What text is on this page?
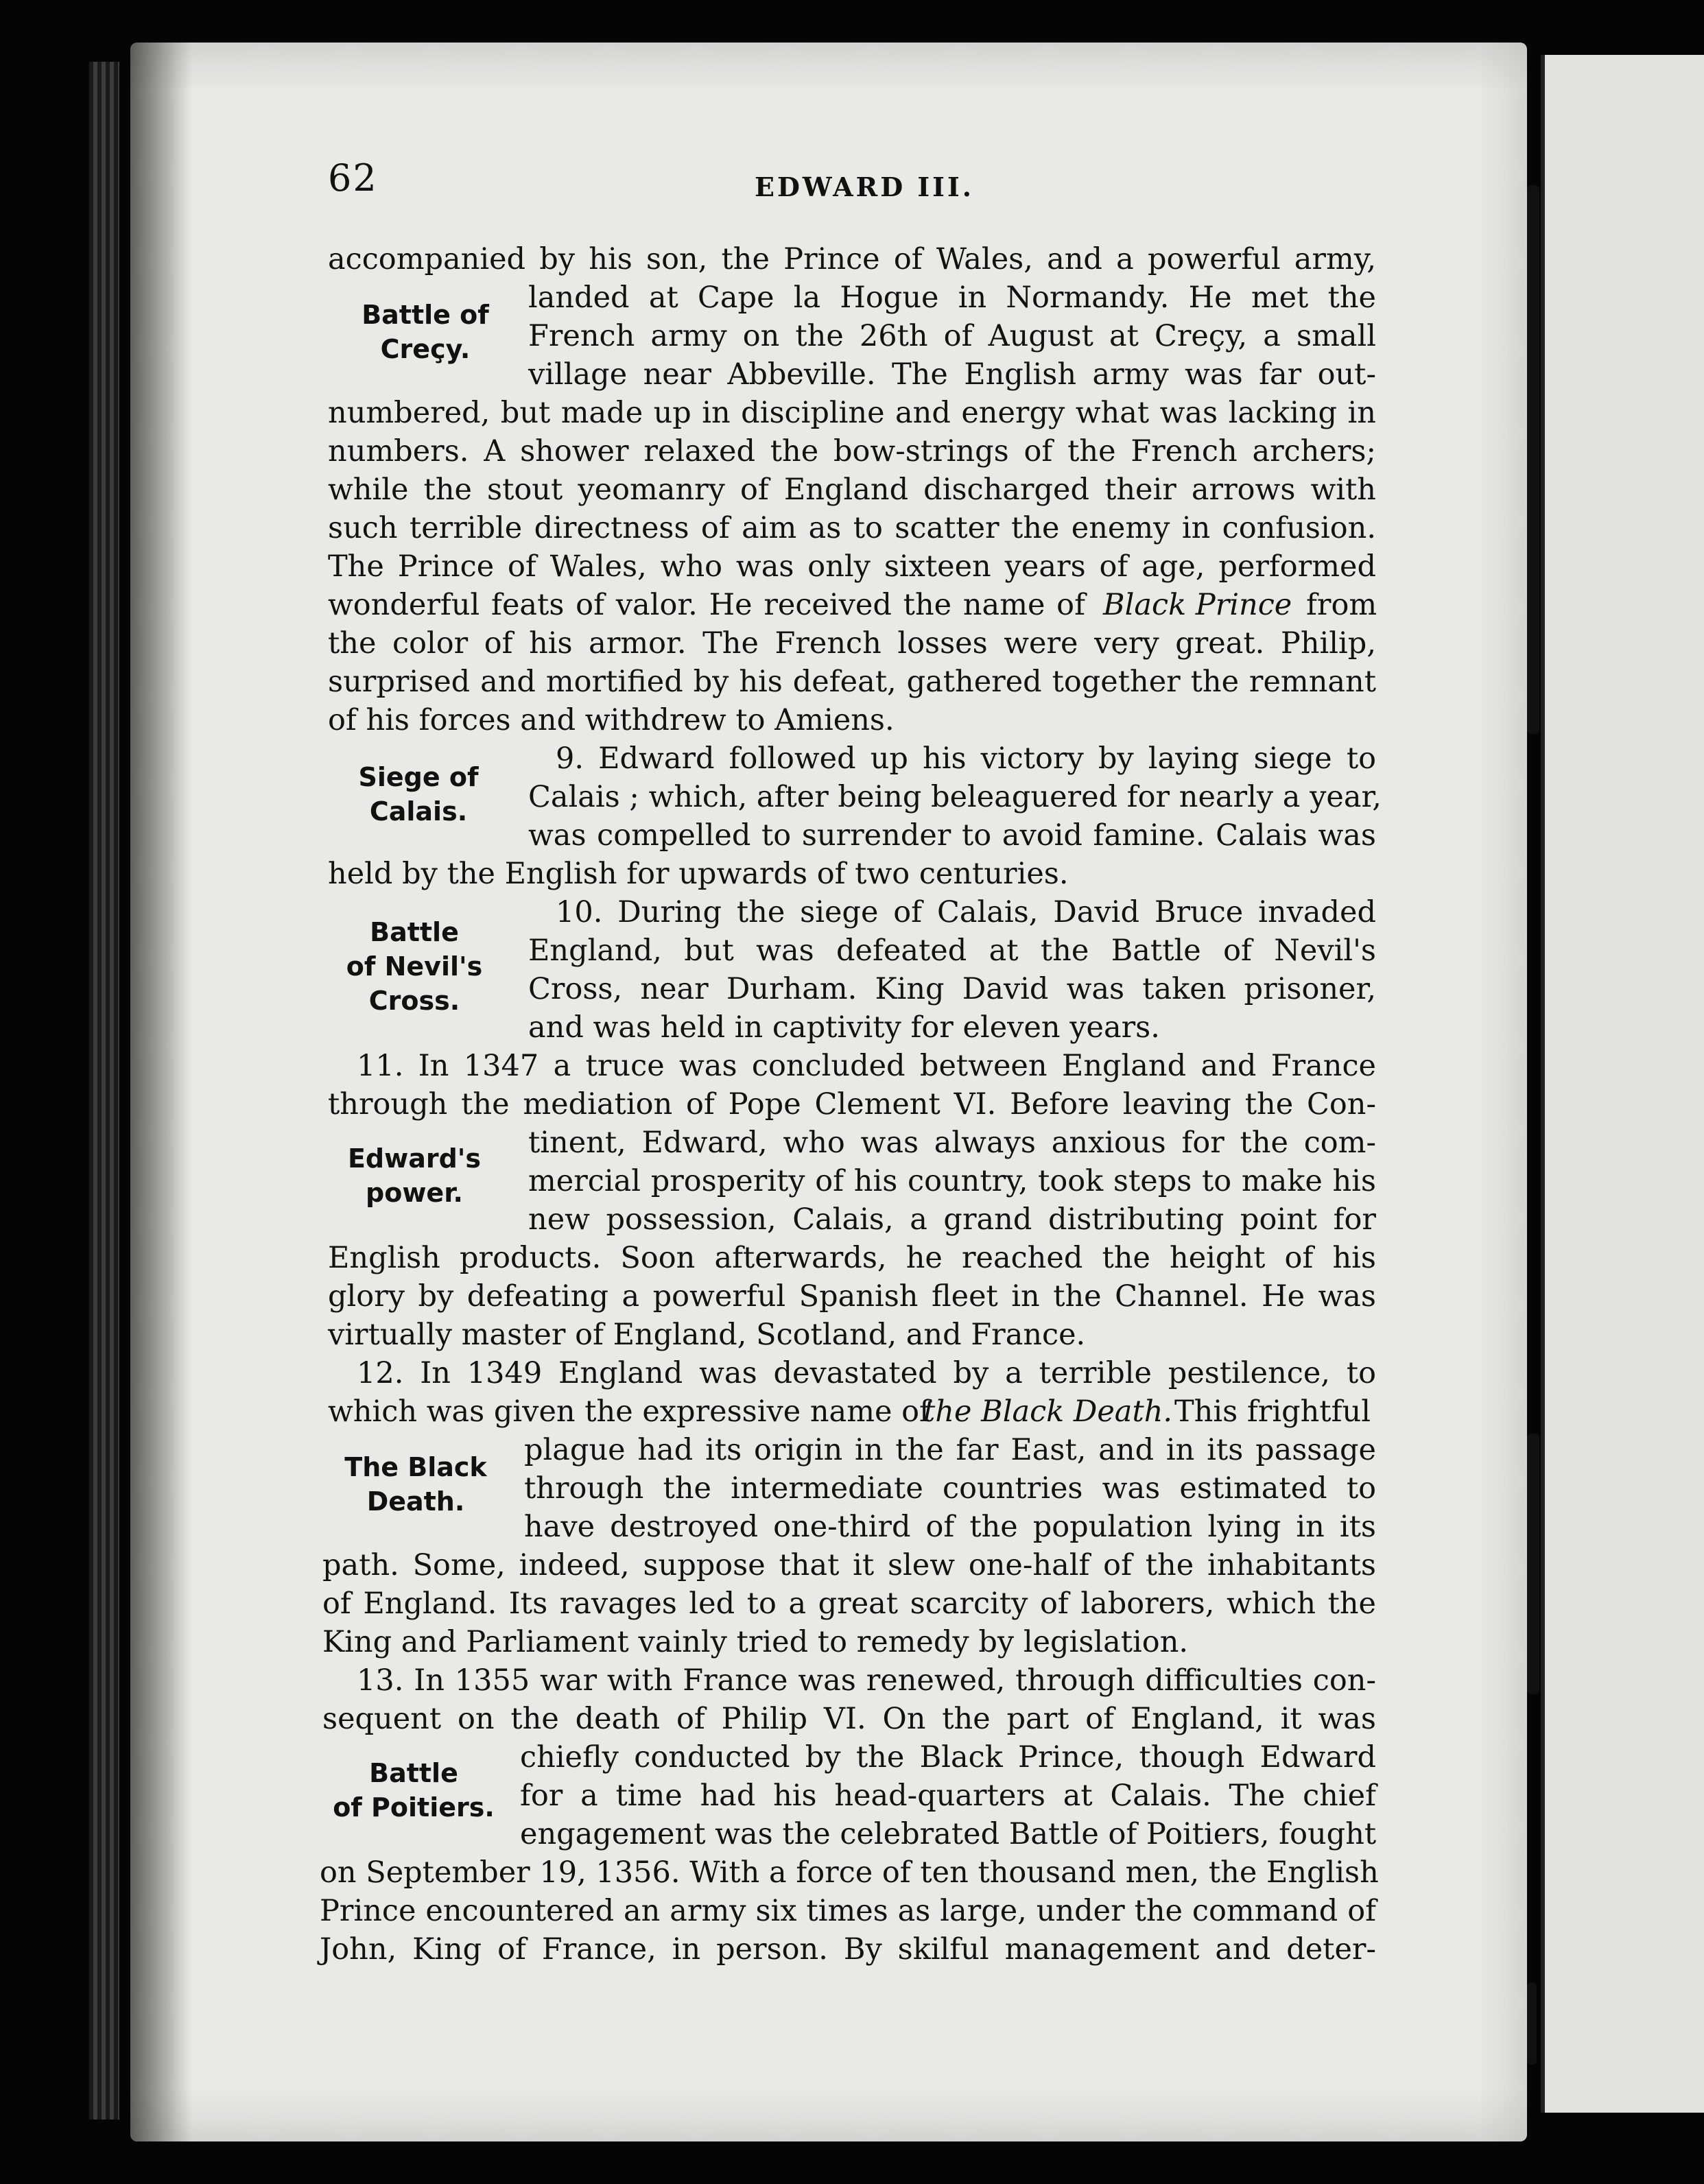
62	EDWARD III.
Battle of
Creçy.
Siege of
Calais.
Battle
of Nevil's
Cross.
Edward's
power.
The Black
Death.
Battle
of Poitiers.
accompanied by his son, the Prince of Wales, and a powerful army,
landed at Cape la Hogue in Normandy. He met the
French army on the 26th of August at Creçy, a small
village near Abbeville. The English army was far out-
numbered, but made up in discipline and energy what was lacking in
numbers. A shower relaxed the bow-strings of the French archers;
while the stout yeomanry of England discharged their arrows with
such terrible directness of aim as to scatter the enemy in confusion.
The Prince of Wales, who was only sixteen years of age, performed
wonderful feats of valor. He received the name of Black Prince from
the color of his armor. The French losses were very great. Philip,
surprised and mortified by his defeat, gathered together the remnant
of his forces and withdrew to Amiens.
9. Edward followed up his victory by laying siege to
Calais ; which, after being beleaguered for nearly a year,
was compelled to surrender to avoid famine. Calais was
held by the English for upwards of two centuries.
10. During the siege of Calais, David Bruce invaded
England, but was defeated at the Battle of Nevil's
Cross, near Durham. King David was taken prisoner,
and was held in captivity for eleven years.
11. In 1347 a truce was concluded between England and France
through the mediation of Pope Clement VI. Before leaving the Con-
tinent, Edward, who was always anxious for the com-
mercial prosperity of his country, took steps to make his
new possession, Calais, a grand distributing point for
English products. Soon afterwards, he reached the height of his
glory by defeating a powerful Spanish fleet in the Channel. He was
virtually master of England, Scotland, and France.
12. In 1349 England was devastated by a terrible pestilence, to
which was given the expressive name of
the Black Death. This frightful
plague had its origin in the far East, and in its passage
through the intermediate countries was estimated to
have destroyed one-third of the population lying in its
path. Some, indeed, suppose that it slew one-half of the inhabitants
of England. Its ravages led to a great scarcity of laborers, which the
King and Parliament vainly tried to remedy by legislation.
13. In 1355 war with France was renewed, through difficulties con-
sequent on the death of Philip VI. On the part of England, it was
chiefly conducted by the Black Prince, though Edward
for a time had his head-quarters at Calais. The chief
engagement was the celebrated Battle of Poitiers, fought
on September 19, 1356. With a force of ten thousand men, the English
Prince encountered an army six times as large, under the command of
John, King of France, in person. By skilful management and deter-
